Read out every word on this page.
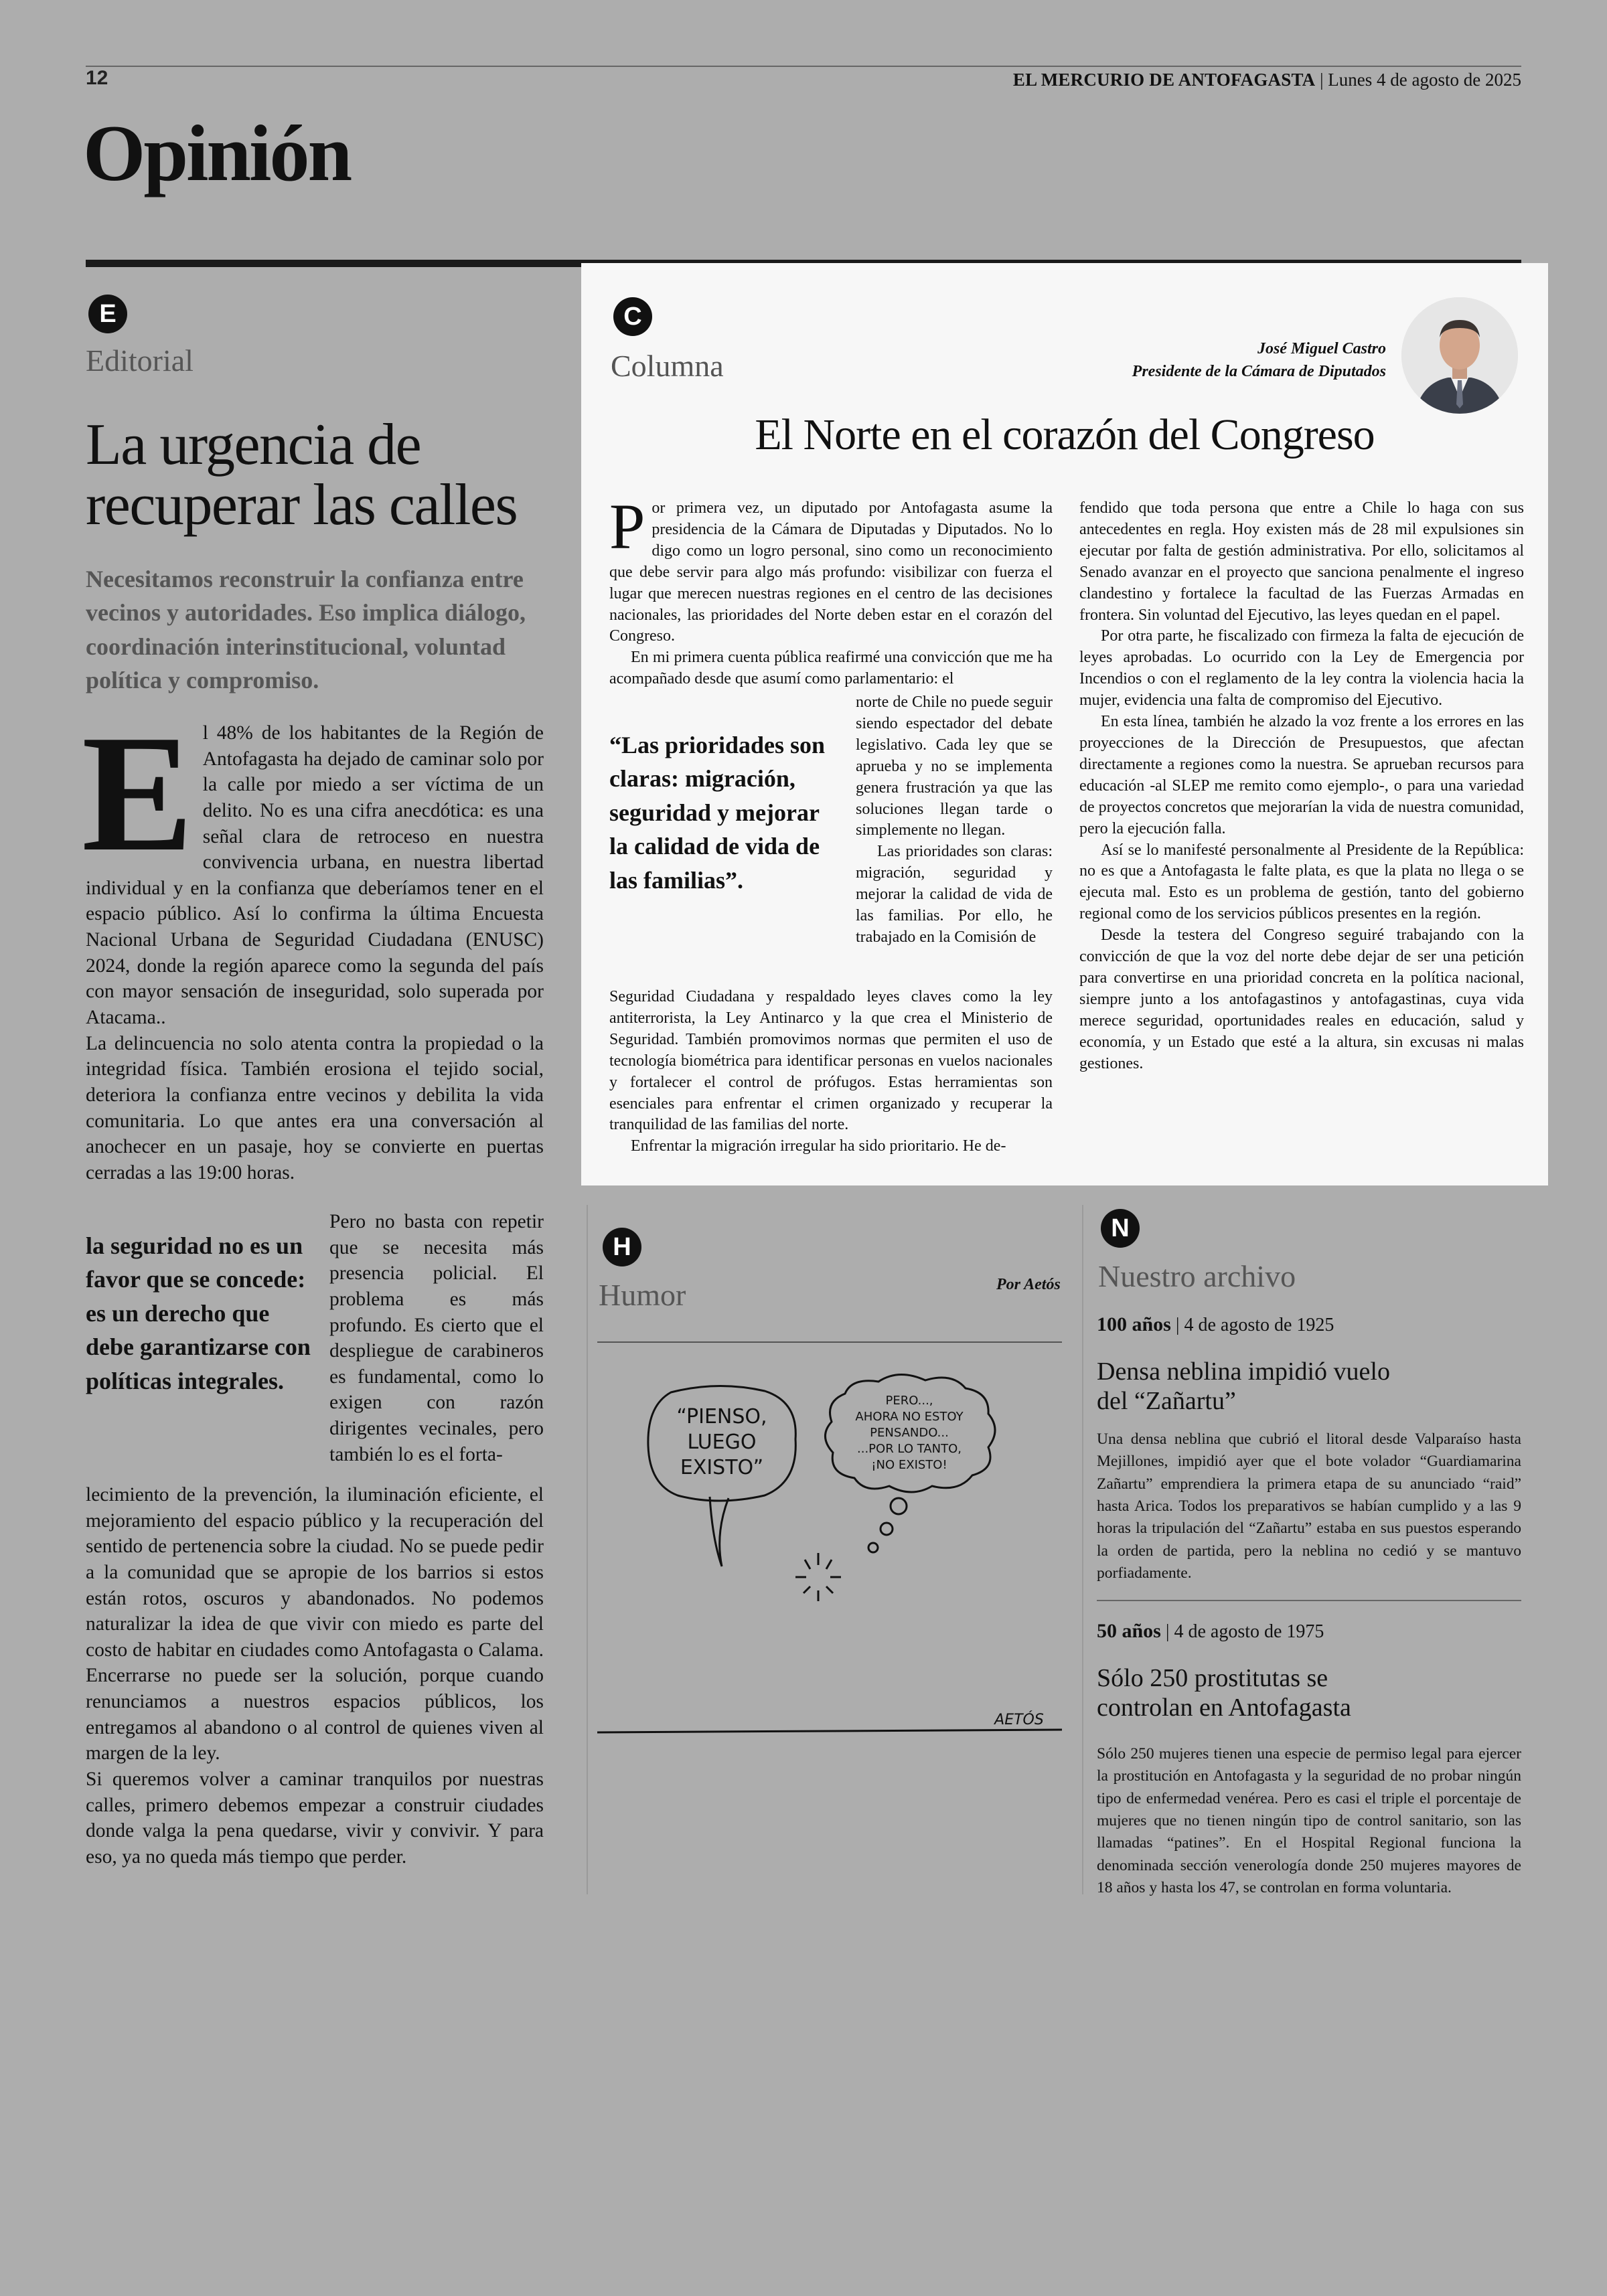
12	EL MERCURIO DE ANTOFAGASTA | Lunes 4 de agosto de 2025
Opinión
E
Editorial
La urgencia de recuperar las calles
Necesitamos reconstruir la confianza entre vecinos y autoridades. Eso implica diálogo, coordinación interinstitucional, voluntad política y compromiso.

El 48% de los habitantes de la Región de Antofagasta ha dejado de caminar solo por la calle por miedo a ser víctima de un delito. No es una cifra anecdótica: es una señal clara de retroceso en nuestra convivencia urbana, en nuestra libertad individual y en la confianza que deberíamos tener en el espacio público. Así lo confirma la última Encuesta Nacional Urbana de Seguridad Ciudadana (ENUSC) 2024, donde la región aparece como la segunda del país con mayor sensación de inseguridad, solo superada por Atacama..

La delincuencia no solo atenta contra la propiedad o la integridad física. También erosiona el tejido social, deteriora la confianza entre vecinos y debilita la vida comunitaria. Lo que antes era una conversación al anochecer en un pasaje, hoy se convierte en puertas cerradas a las 19:00 horas.

la seguridad no es un favor que se concede: es un derecho que debe garantizarse con políticas integrales.
Pero no basta con repetir que se necesita más presencia policial. El problema es más profundo. Es cierto que el despliegue de carabineros es fundamental, como lo exigen con razón dirigentes vecinales, pero también lo es el forta-

lecimiento de la prevención, la iluminación eficiente, el mejoramiento del espacio público y la recuperación del sentido de pertenencia sobre la ciudad. No se puede pedir a la comunidad que se apropie de los barrios si estos están rotos, oscuros y abandonados. No podemos naturalizar la idea de que vivir con miedo es parte del costo de habitar en ciudades como Antofagasta o Calama. Encerrarse no puede ser la solución, porque cuando renunciamos a nuestros espacios públicos, los entregamos al abandono o al control de quienes viven al margen de la ley.

Si queremos volver a caminar tranquilos por nuestras calles, primero debemos empezar a construir ciudades donde valga la pena quedarse, vivir y convivir. Y para eso, ya no queda más tiempo que perder.

C
Columna	José Miguel Castro
Presidente de la Cámara de Diputados
El Norte en el corazón del Congreso

Por primera vez, un diputado por Antofagasta asume la presidencia de la Cámara de Diputadas y Diputados. No lo digo como un logro personal, sino como un reconocimiento que debe servir para algo más profundo: visibilizar con fuerza el lugar que merecen nuestras regiones en el centro de las decisiones nacionales, las prioridades del Norte deben estar en el corazón del Congreso.

En mi primera cuenta pública reafirmé una convicción que me ha acompañado desde que asumí como parlamentario: el

“Las prioridades son claras: migración, seguridad y mejorar la calidad de vida de las familias”.

norte de Chile no puede seguir siendo espectador del debate legislativo. Cada ley que se aprueba y no se implementa genera frustración ya que las soluciones llegan tarde o simplemente no llegan.

Las prioridades son claras: migración, seguridad y mejorar la calidad de vida de las familias. Por ello, he trabajado en la Comisión de

Seguridad Ciudadana y respaldado leyes claves como la ley antiterrorista, la Ley Antinarco y la que crea el Ministerio de Seguridad. También promovimos normas que permiten el uso de tecnología biométrica para identificar personas en vuelos nacionales y fortalecer el control de prófugos. Estas herramientas son esenciales para enfrentar el crimen organizado y recuperar la tranquilidad de las familias del norte.

Enfrentar la migración irregular ha sido prioritario. He de-

fendido que toda persona que entre a Chile lo haga con sus antecedentes en regla. Hoy existen más de 28 mil expulsiones sin ejecutar por falta de gestión administrativa. Por ello, solicitamos al Senado avanzar en el proyecto que sanciona penalmente el ingreso clandestino y fortalece la facultad de las Fuerzas Armadas en frontera. Sin voluntad del Ejecutivo, las leyes quedan en el papel.

Por otra parte, he fiscalizado con firmeza la falta de ejecución de leyes aprobadas. Lo ocurrido con la Ley de Emergencia por Incendios o con el reglamento de la ley contra la violencia hacia la mujer, evidencia una falta de compromiso del Ejecutivo.

En esta línea, también he alzado la voz frente a los errores en las proyecciones de la Dirección de Presupuestos, que afectan directamente a regiones como la nuestra. Se aprueban recursos para educación -al SLEP me remito como ejemplo-, o para una variedad de proyectos concretos que mejorarían la vida de nuestra comunidad, pero la ejecución falla.

Así se lo manifesté personalmente al Presidente de la República: no es que a Antofagasta le falte plata, es que la plata no llega o se ejecuta mal. Esto es un problema de gestión, tanto del gobierno regional como de los servicios públicos presentes en la región.

Desde la testera del Congreso seguiré trabajando con la convicción de que la voz del norte debe dejar de ser una petición para convertirse en una prioridad concreta en la política nacional, siempre junto a los antofagastinos y antofagastinas, cuya vida merece seguridad, oportunidades reales en educación, salud y economía, y un Estado que esté a la altura, sin excusas ni malas gestiones.

H
Humor	Por Aetós
“PIENSO,
LUEGO
EXISTO”
PERO...,
AHORA NO ESTOY
PENSANDO...
...POR LO TANTO,
¡NO EXISTO!
AETÓS
N
Nuestro archivo
100 años | 4 de agosto de 1925
Densa neblina impidió vuelo del “Zañartu”
Una densa neblina que cubrió el litoral desde Valparaíso hasta Mejillones, impidió ayer que el bote volador “Guardiamarina Zañartu” emprendiera la primera etapa de su anunciado “raid” hasta Arica. Todos los preparativos se habían cumplido y a las 9 horas la tripulación del “Zañartu” estaba en sus puestos esperando la orden de partida, pero la neblina no cedió y se mantuvo porfiadamente.
50 años | 4 de agosto de 1975
Sólo 250 prostitutas se controlan en Antofagasta
Sólo 250 mujeres tienen una especie de permiso legal para ejercer la prostitución en Antofagasta y la seguridad de no probar ningún tipo de enfermedad venérea. Pero es casi el triple el porcentaje de mujeres que no tienen ningún tipo de control sanitario, son las llamadas “patines”. En el Hospital Regional funciona la denominada sección venerología donde 250 mujeres mayores de 18 años y hasta los 47, se controlan en forma voluntaria.
